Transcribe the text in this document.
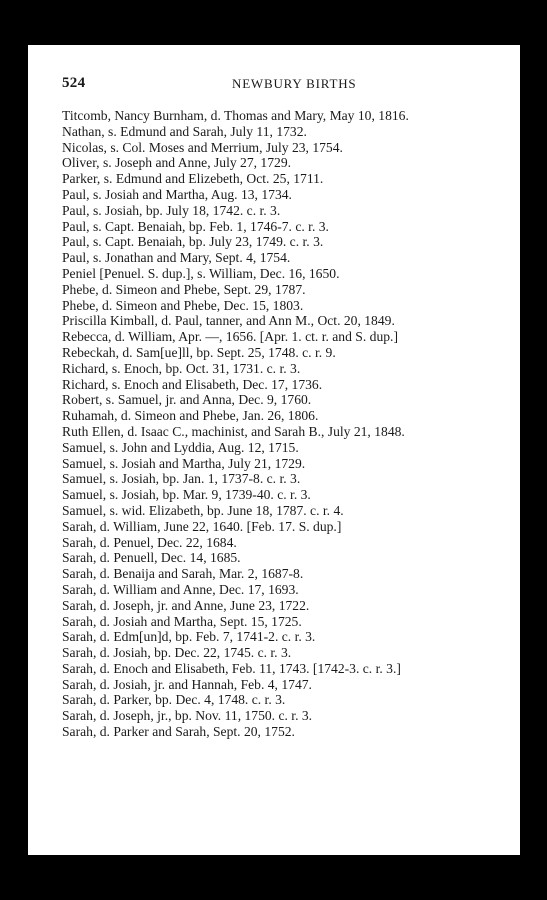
524	NEWBURY BIRTHS
Titcomb, Nancy Burnham, d. Thomas and Mary, May 10, 1816.
Nathan, s. Edmund and Sarah, July 11, 1732.
Nicolas, s. Col. Moses and Merrium, July 23, 1754.
Oliver, s. Joseph and Anne, July 27, 1729.
Parker, s. Edmund and Elizebeth, Oct. 25, 1711.
Paul, s. Josiah and Martha, Aug. 13, 1734.
Paul, s. Josiah, bp. July 18, 1742. c. r. 3.
Paul, s. Capt. Benaiah, bp. Feb. 1, 1746-7. c. r. 3.
Paul, s. Capt. Benaiah, bp. July 23, 1749. c. r. 3.
Paul, s. Jonathan and Mary, Sept. 4, 1754.
Peniel [Penuel. S. dup.], s. William, Dec. 16, 1650.
Phebe, d. Simeon and Phebe, Sept. 29, 1787.
Phebe, d. Simeon and Phebe, Dec. 15, 1803.
Priscilla Kimball, d. Paul, tanner, and Ann M., Oct. 20, 1849.
Rebecca, d. William, Apr. —, 1656. [Apr. 1. ct. r. and S. dup.]
Rebeckah, d. Sam[ue]ll, bp. Sept. 25, 1748. c. r. 9.
Richard, s. Enoch, bp. Oct. 31, 1731. c. r. 3.
Richard, s. Enoch and Elisabeth, Dec. 17, 1736.
Robert, s. Samuel, jr. and Anna, Dec. 9, 1760.
Ruhamah, d. Simeon and Phebe, Jan. 26, 1806.
Ruth Ellen, d. Isaac C., machinist, and Sarah B., July 21, 1848.
Samuel, s. John and Lyddia, Aug. 12, 1715.
Samuel, s. Josiah and Martha, July 21, 1729.
Samuel, s. Josiah, bp. Jan. 1, 1737-8. c. r. 3.
Samuel, s. Josiah, bp. Mar. 9, 1739-40. c. r. 3.
Samuel, s. wid. Elizabeth, bp. June 18, 1787. c. r. 4.
Sarah, d. William, June 22, 1640. [Feb. 17. S. dup.]
Sarah, d. Penuel, Dec. 22, 1684.
Sarah, d. Penuell, Dec. 14, 1685.
Sarah, d. Benaija and Sarah, Mar. 2, 1687-8.
Sarah, d. William and Anne, Dec. 17, 1693.
Sarah, d. Joseph, jr. and Anne, June 23, 1722.
Sarah, d. Josiah and Martha, Sept. 15, 1725.
Sarah, d. Edm[un]d, bp. Feb. 7, 1741-2. c. r. 3.
Sarah, d. Josiah, bp. Dec. 22, 1745. c. r. 3.
Sarah, d. Enoch and Elisabeth, Feb. 11, 1743. [1742-3. c. r. 3.]
Sarah, d. Josiah, jr. and Hannah, Feb. 4, 1747.
Sarah, d. Parker, bp. Dec. 4, 1748. c. r. 3.
Sarah, d. Joseph, jr., bp. Nov. 11, 1750. c. r. 3.
Sarah, d. Parker and Sarah, Sept. 20, 1752.
